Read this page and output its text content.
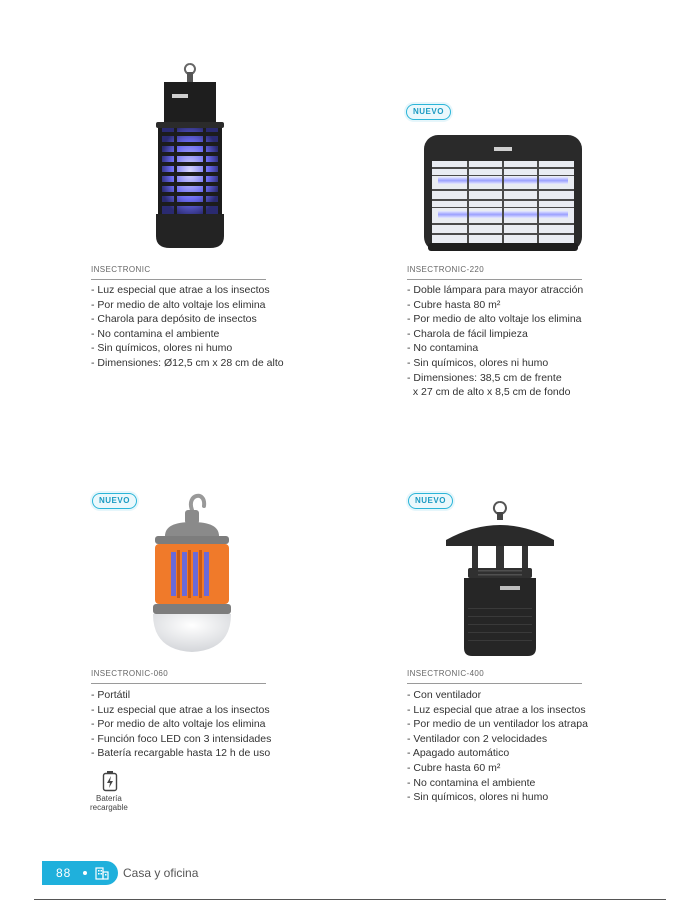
INSECTRONIC
- Luz especial que atrae a los insectos
- Por medio de alto voltaje los elimina
- Charola para depósito de insectos
- No contamina el ambiente
- Sin químicos, olores ni humo
- Dimensiones: Ø12,5 cm x 28 cm de alto
NUEVO
INSECTRONIC-220
- Doble lámpara para mayor atracción
- Cubre hasta 80 m²
- Por medio de alto voltaje los elimina
- Charola de fácil limpieza
- No contamina
- Sin químicos, olores ni humo
- Dimensiones: 38,5 cm de frente
x 27 cm de alto x 8,5 cm de fondo
NUEVO
INSECTRONIC-060
- Portátil
- Luz especial que atrae a los insectos
- Por medio de alto voltaje los elimina
- Función foco LED con 3 intensidades
- Batería recargable hasta 12 h de uso
Batería
recargable
NUEVO
INSECTRONIC-400
- Con ventilador
- Luz especial que atrae a los insectos
- Por medio de un ventilador los atrapa
- Ventilador con 2 velocidades
- Apagado automático
- Cubre hasta 60 m²
- No contamina el ambiente
- Sin químicos, olores ni humo
88	Casa y oficina
